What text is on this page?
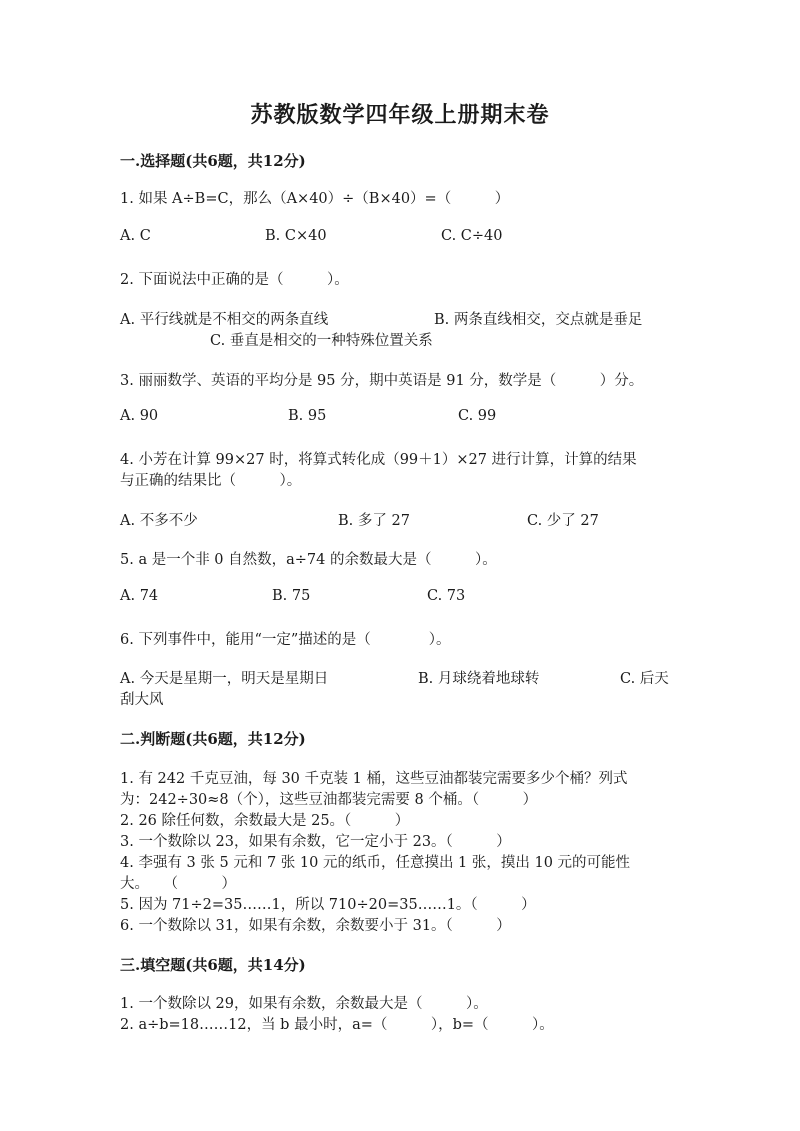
苏教版数学四年级上册期末卷
一.选择题(共6题，共12分)
1. 如果 A÷B=C，那么（A×40）÷（B×40）=（　　　）
A. C	B. C×40	C. C÷40
2. 下面说法中正确的是（　　　）。
A. 平行线就是不相交的两条直线	B. 两条直线相交，交点就是垂足
C. 垂直是相交的一种特殊位置关系
3. 丽丽数学、英语的平均分是 95 分，期中英语是 91 分，数学是（　　　）分。
A. 90	B. 95	C. 99
4. 小芳在计算 99×27 时，将算式转化成（99＋1）×27 进行计算，计算的结果
与正确的结果比（　　　）。
A. 不多不少	B. 多了 27	C. 少了 27
5. a 是一个非 0 自然数，a÷74 的余数最大是（　　　）。
A. 74	B. 75	C. 73
6. 下列事件中，能用“一定”描述的是（　　　　）。
A. 今天是星期一，明天是星期日	B. 月球绕着地球转	C. 后天
刮大风
二.判断题(共6题，共12分)
1. 有 242 千克豆油，每 30 千克装 1 桶，这些豆油都装完需要多少个桶？列式
为：242÷30≈8（个），这些豆油都装完需要 8 个桶。（　　　）
2. 26 除任何数，余数最大是 25。（　　　）
3. 一个数除以 23，如果有余数，它一定小于 23。（　　　）
4. 李强有 3 张 5 元和 7 张 10 元的纸币，任意摸出 1 张，摸出 10 元的可能性
大。　　（　　　）
5. 因为 71÷2=35……1，所以 710÷20=35……1。（　　　）
6. 一个数除以 31，如果有余数，余数要小于 31。（　　　）
三.填空题(共6题，共14分)
1. 一个数除以 29，如果有余数，余数最大是（　　　）。
2. a÷b=18……12，当 b 最小时，a=（　　　），b=（　　　）。
